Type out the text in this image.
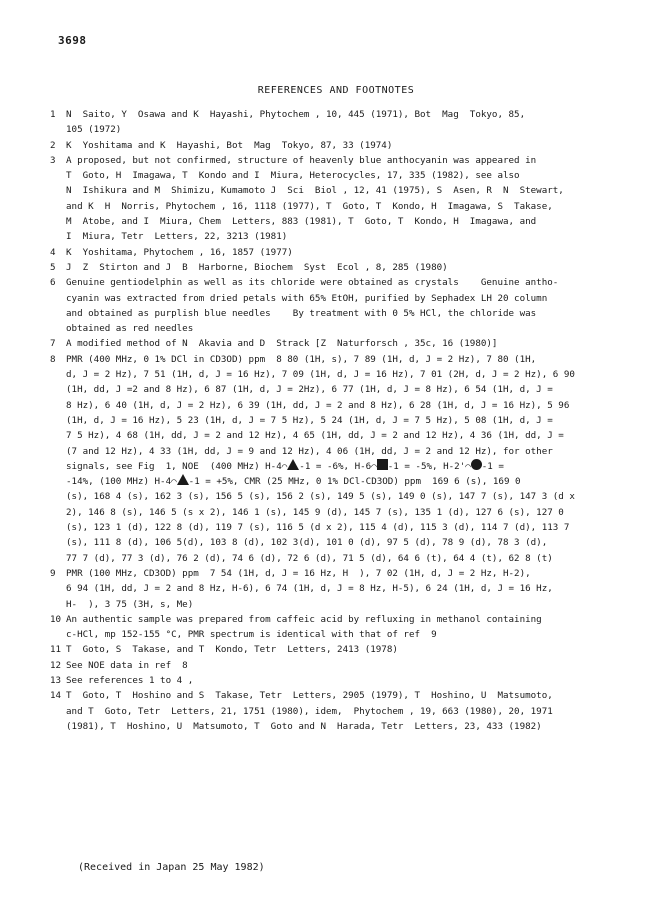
3698
REFERENCES AND FOOTNOTES
1	N  Saito, Y  Osawa and K  Hayashi, Phytochem , 10, 445 (1971), Bot  Mag  Tokyo, 85,
105 (1972)
2	K  Yoshitama and K  Hayashi, Bot  Mag  Tokyo, 87, 33 (1974)
3	A proposed, but not confirmed, structure of heavenly blue anthocyanin was appeared in
T  Goto, H  Imagawa, T  Kondo and I  Miura, Heterocycles, 17, 335 (1982), see also
N  Ishikura and M  Shimizu, Kumamoto J  Sci  Biol , 12, 41 (1975), S  Asen, R  N  Stewart,
and K  H  Norris, Phytochem , 16, 1118 (1977), T  Goto, T  Kondo, H  Imagawa, S  Takase,
M  Atobe, and I  Miura, Chem  Letters, 883 (1981), T  Goto, T  Kondo, H  Imagawa, and
I  Miura, Tetr  Letters, 22, 3213 (1981)
4	K  Yoshitama, Phytochem , 16, 1857 (1977)
5	J  Z  Stirton and J  B  Harborne, Biochem  Syst  Ecol , 8, 285 (1980)
6	Genuine gentiodelphin as well as its chloride were obtained as crystals    Genuine antho-
cyanin was extracted from dried petals with 65% EtOH, purified by Sephadex LH 20 column
and obtained as purplish blue needles    By treatment with 0 5% HCl, the chloride was
obtained as red needles
7	A modified method of N  Akavia and D  Strack [Z  Naturforsch , 35c, 16 (1980)]
8	PMR (400 MHz, 0 1% DCl in CD3OD) ppm  8 80 (1H, s), 7 89 (1H, d, J = 2 Hz), 7 80 (1H,
d, J = 2 Hz), 7 51 (1H, d, J = 16 Hz), 7 09 (1H, d, J = 16 Hz), 7 01 (2H, d, J = 2 Hz), 6 90
(1H, dd, J =2 and 8 Hz), 6 87 (1H, d, J = 2Hz), 6 77 (1H, d, J = 8 Hz), 6 54 (1H, d, J =
8 Hz), 6 40 (1H, d, J = 2 Hz), 6 39 (1H, dd, J = 2 and 8 Hz), 6 28 (1H, d, J = 16 Hz), 5 96
(1H, d, J = 16 Hz), 5 23 (1H, d, J = 7 5 Hz), 5 24 (1H, d, J = 7 5 Hz), 5 08 (1H, d, J =
7 5 Hz), 4 68 (1H, dd, J = 2 and 12 Hz), 4 65 (1H, dd, J = 2 and 12 Hz), 4 36 (1H, dd, J =
(7 and 12 Hz), 4 33 (1H, dd, J = 9 and 12 Hz), 4 06 (1H, dd, J = 2 and 12 Hz), for other
signals, see Fig  1, NOE  (400 MHz) H-4⌒ -1 = -6%, H-6⌒ -1 = -5%, H-2'⌒ -1 =
-14%, (100 MHz) H-4⌒ -1 = +5%, CMR (25 MHz, 0 1% DCl-CD3OD) ppm  169 6 (s), 169 0
(s), 168 4 (s), 162 3 (s), 156 5 (s), 156 2 (s), 149 5 (s), 149 0 (s), 147 7 (s), 147 3 (d x
2), 146 8 (s), 146 5 (s x 2), 146 1 (s), 145 9 (d), 145 7 (s), 135 1 (d), 127 6 (s), 127 0
(s), 123 1 (d), 122 8 (d), 119 7 (s), 116 5 (d x 2), 115 4 (d), 115 3 (d), 114 7 (d), 113 7
(s), 111 8 (d), 106 5(d), 103 8 (d), 102 3(d), 101 0 (d), 97 5 (d), 78 9 (d), 78 3 (d),
77 7 (d), 77 3 (d), 76 2 (d), 74 6 (d), 72 6 (d), 71 5 (d), 64 6 (t), 64 4 (t), 62 8 (t)
9	PMR (100 MHz, CD3OD) ppm  7 54 (1H, d, J = 16 Hz, H  ), 7 02 (1H, d, J = 2 Hz, H-2),
6 94 (1H, dd, J = 2 and 8 Hz, H-6), 6 74 (1H, d, J = 8 Hz, H-5), 6 24 (1H, d, J = 16 Hz,
H-  ), 3 75 (3H, s, Me)
10 An authentic sample was prepared from caffeic acid by refluxing in methanol containing
c-HCl, mp 152-155 °C, PMR spectrum is identical with that of ref  9
11 T  Goto, S  Takase, and T  Kondo, Tetr  Letters, 2413 (1978)
12 See NOE data in ref  8
13 See references 1 to 4 ,
14 T  Goto, T  Hoshino and S  Takase, Tetr  Letters, 2905 (1979), T  Hoshino, U  Matsumoto,
and T  Goto, Tetr  Letters, 21, 1751 (1980), idem,  Phytochem , 19, 663 (1980), 20, 1971
(1981), T  Hoshino, U  Matsumoto, T  Goto and N  Harada, Tetr  Letters, 23, 433 (1982)
(Received in Japan 25 May 1982)
